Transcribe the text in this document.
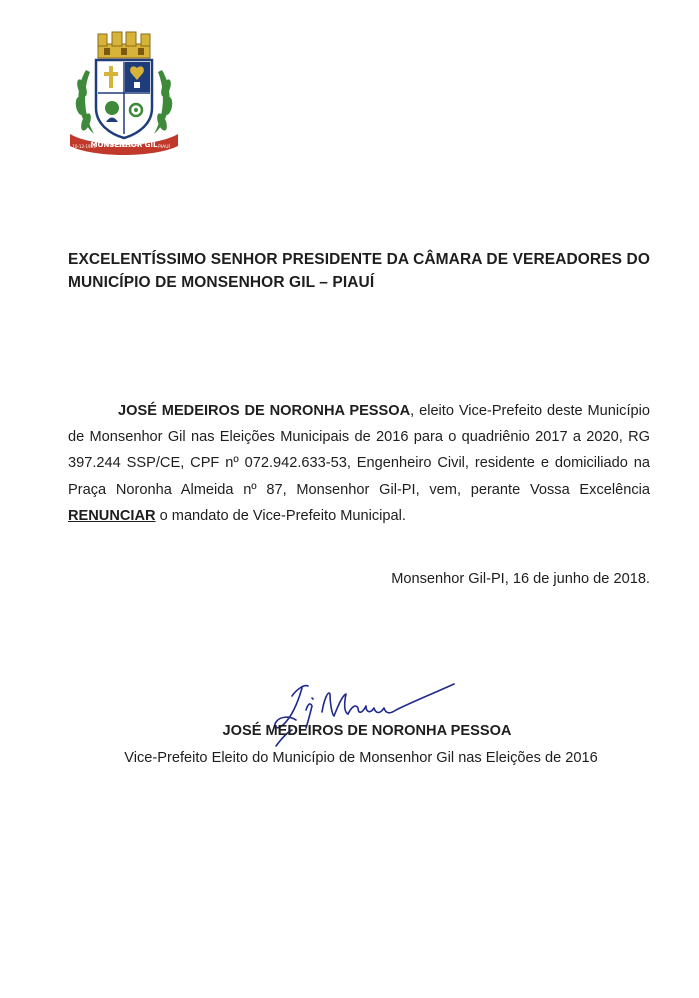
MONSENHOR GIL
10-12-1953	PIAUÍ
EXCELENTÍSSIMO SENHOR PRESIDENTE DA CÂMARA DE VEREADORES DO
MUNICÍPIO DE MONSENHOR GIL – PIAUÍ
JOSÉ MEDEIROS DE NORONHA PESSOA, eleito Vice-Prefeito deste Município
de Monsenhor Gil nas Eleições Municipais de 2016 para o quadriênio 2017 a 2020, RG
397.244 SSP/CE, CPF nº 072.942.633-53, Engenheiro Civil, residente e domiciliado na
Praça Noronha Almeida nº 87, Monsenhor Gil-PI, vem, perante Vossa Excelência
RENUNCIAR o mandato de Vice-Prefeito Municipal.
Monsenhor Gil-PI, 16 de junho de 2018.
JOSÉ MEDEIROS DE NORONHA PESSOA
Vice-Prefeito Eleito do Município de Monsenhor Gil nas Eleições de 2016
